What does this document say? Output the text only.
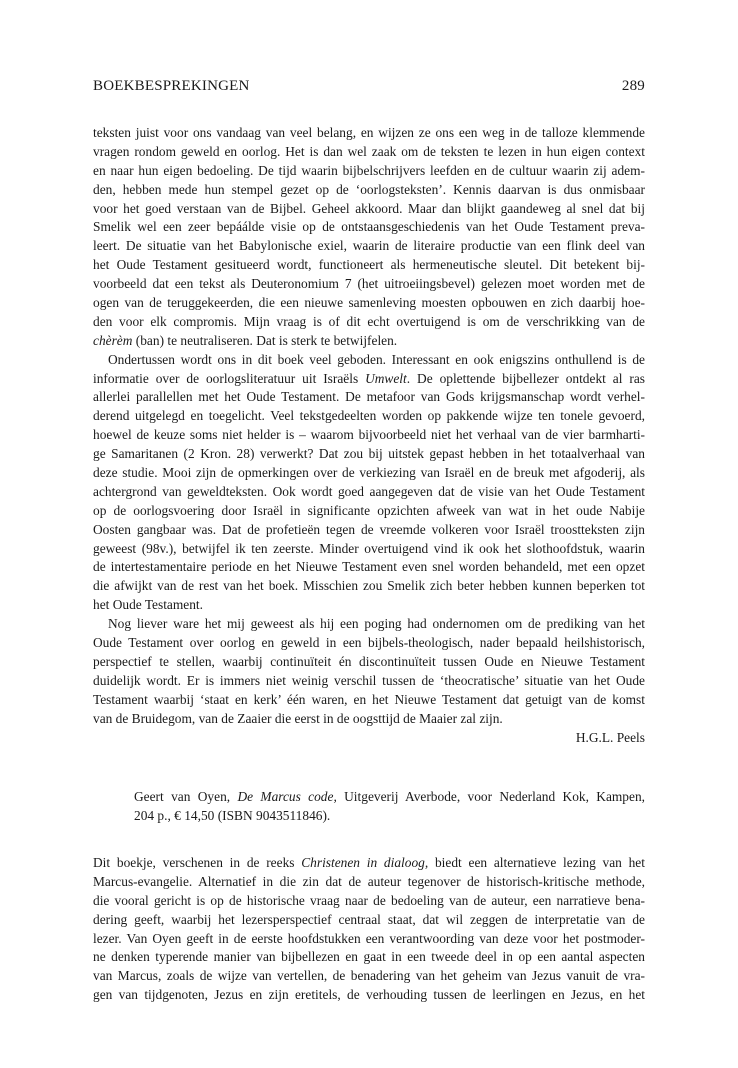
BOEKBESPREKINGEN	289
teksten juist voor ons vandaag van veel belang, en wijzen ze ons een weg in de talloze klemmende
vragen rondom geweld en oorlog. Het is dan wel zaak om de teksten te lezen in hun eigen context
en naar hun eigen bedoeling. De tijd waarin bijbelschrijvers leefden en de cultuur waarin zij adem-
den, hebben mede hun stempel gezet op de ‘oorlogsteksten’. Kennis daarvan is dus onmisbaar
voor het goed verstaan van de Bijbel. Geheel akkoord. Maar dan blijkt gaandeweg al snel dat bij
Smelik wel een zeer bepáálde visie op de ontstaansgeschiedenis van het Oude Testament preva-
leert. De situatie van het Babylonische exiel, waarin de literaire productie van een flink deel van
het Oude Testament gesitueerd wordt, functioneert als hermeneutische sleutel. Dit betekent bij-
voorbeeld dat een tekst als Deuteronomium 7 (het uitroeiingsbevel) gelezen moet worden met de
ogen van de teruggekeerden, die een nieuwe samenleving moesten opbouwen en zich daarbij hoe-
den voor elk compromis. Mijn vraag is of dit echt overtuigend is om de verschrikking van de
chèrèm (ban) te neutraliseren. Dat is sterk te betwijfelen.
Ondertussen wordt ons in dit boek veel geboden. Interessant en ook enigszins onthullend is de
informatie over de oorlogsliteratuur uit Israëls Umwelt. De oplettende bijbellezer ontdekt al ras
allerlei parallellen met het Oude Testament. De metafoor van Gods krijgsmanschap wordt verhel-
derend uitgelegd en toegelicht. Veel tekstgedeelten worden op pakkende wijze ten tonele gevoerd,
hoewel de keuze soms niet helder is – waarom bijvoorbeeld niet het verhaal van de vier barmharti-
ge Samaritanen (2 Kron. 28) verwerkt? Dat zou bij uitstek gepast hebben in het totaalverhaal van
deze studie. Mooi zijn de opmerkingen over de verkiezing van Israël en de breuk met afgoderij, als
achtergrond van geweldteksten. Ook wordt goed aangegeven dat de visie van het Oude Testament
op de oorlogsvoering door Israël in significante opzichten afweek van wat in het oude Nabije
Oosten gangbaar was. Dat de profetieën tegen de vreemde volkeren voor Israël troostteksten zijn
geweest (98v.), betwijfel ik ten zeerste. Minder overtuigend vind ik ook het slothoofdstuk, waarin
de intertestamentaire periode en het Nieuwe Testament even snel worden behandeld, met een opzet
die afwijkt van de rest van het boek. Misschien zou Smelik zich beter hebben kunnen beperken tot
het Oude Testament.
Nog liever ware het mij geweest als hij een poging had ondernomen om de prediking van het
Oude Testament over oorlog en geweld in een bijbels-theologisch, nader bepaald heilshistorisch,
perspectief te stellen, waarbij continuïteit én discontinuïteit tussen Oude en Nieuwe Testament
duidelijk wordt. Er is immers niet weinig verschil tussen de ‘theocratische’ situatie van het Oude
Testament waarbij ‘staat en kerk’ één waren, en het Nieuwe Testament dat getuigt van de komst
van de Bruidegom, van de Zaaier die eerst in de oogsttijd de Maaier zal zijn.
H.G.L. Peels
Geert van Oyen, De Marcus code, Uitgeverij Averbode, voor Nederland Kok, Kampen,
204 p., € 14,50 (ISBN 9043511846).
Dit boekje, verschenen in de reeks Christenen in dialoog, biedt een alternatieve lezing van het
Marcus-evangelie. Alternatief in die zin dat de auteur tegenover de historisch-kritische methode,
die vooral gericht is op de historische vraag naar de bedoeling van de auteur, een narratieve bena-
dering geeft, waarbij het lezersperspectief centraal staat, dat wil zeggen de interpretatie van de
lezer. Van Oyen geeft in de eerste hoofdstukken een verantwoording van deze voor het postmoder-
ne denken typerende manier van bijbellezen en gaat in een tweede deel in op een aantal aspecten
van Marcus, zoals de wijze van vertellen, de benadering van het geheim van Jezus vanuit de vra-
gen van tijdgenoten, Jezus en zijn eretitels, de verhouding tussen de leerlingen en Jezus, en het
